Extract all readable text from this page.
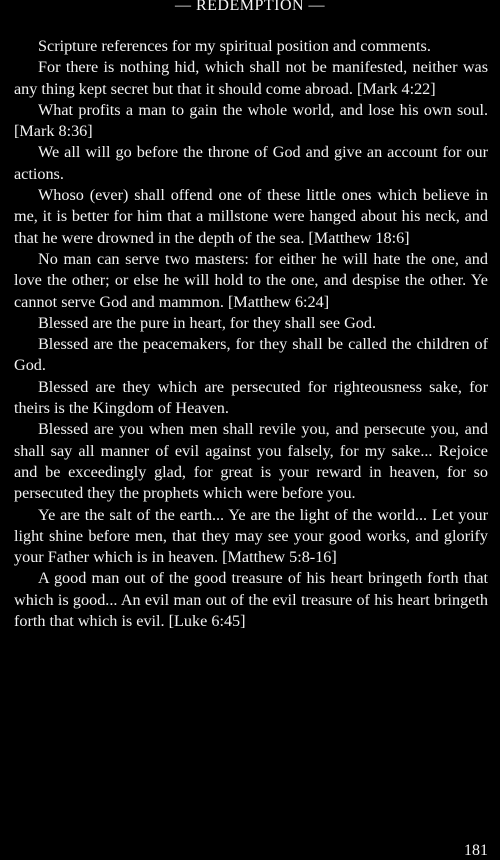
— REDEMPTION —

Scripture references for my spiritual position and comments.

For there is nothing hid, which shall not be manifested, neither was any thing kept secret but that it should come abroad. [Mark 4:22]

What profits a man to gain the whole world, and lose his own soul. [Mark 8:36]

We all will go before the throne of God and give an account for our actions.

Whoso (ever) shall offend one of these little ones which believe in me, it is better for him that a millstone were hanged about his neck, and that he were drowned in the depth of the sea. [Matthew 18:6]

No man can serve two masters: for either he will hate the one, and love the other; or else he will hold to the one, and despise the other. Ye cannot serve God and mammon. [Matthew 6:24]

Blessed are the pure in heart, for they shall see God.

Blessed are the peacemakers, for they shall be called the children of God.

Blessed are they which are persecuted for righteousness sake, for theirs is the Kingdom of Heaven.

Blessed are you when men shall revile you, and persecute you, and shall say all manner of evil against you falsely, for my sake... Rejoice and be exceedingly glad, for great is your reward in heaven, for so persecuted they the prophets which were before you.

Ye are the salt of the earth... Ye are the light of the world... Let your light shine before men, that they may see your good works, and glorify your Father which is in heaven. [Matthew 5:8-16]

A good man out of the good treasure of his heart bringeth forth that which is good... An evil man out of the evil treasure of his heart bringeth forth that which is evil. [Luke 6:45]

181
